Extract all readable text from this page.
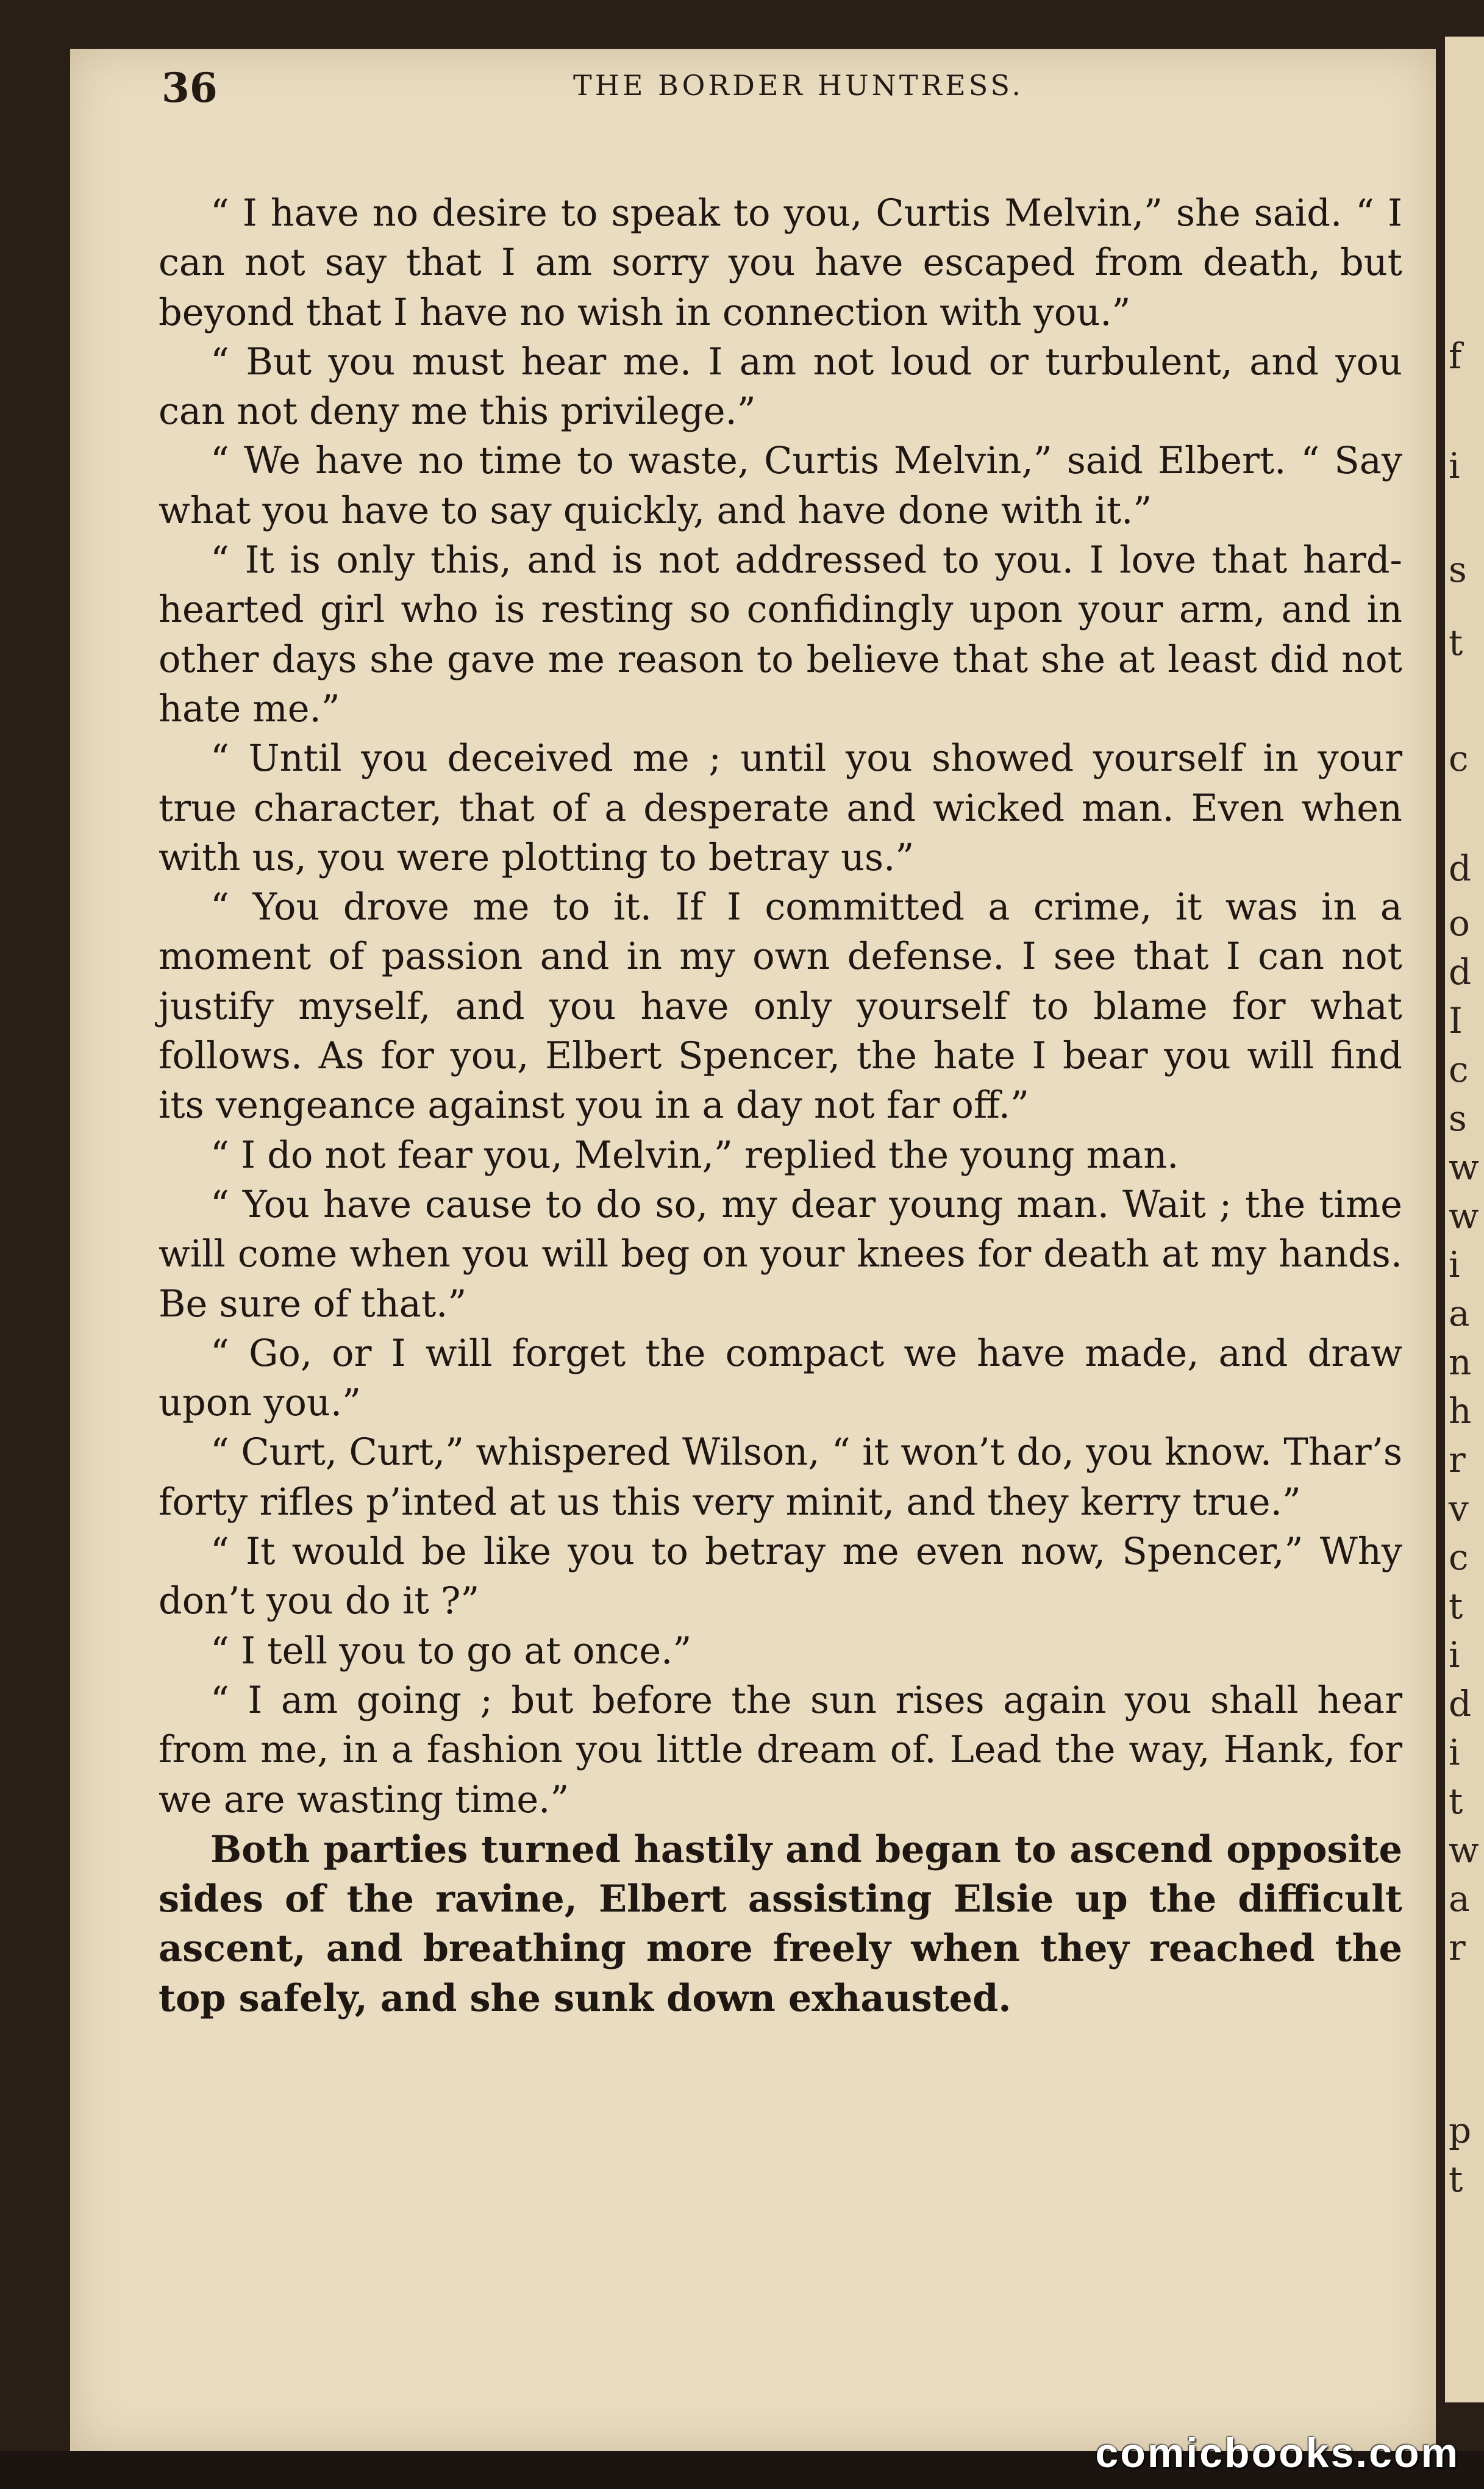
f
i
s
t
c
d
o
d
I
c
s
w
w
i
a
n
h
r
v
c
t
i
d
i
t
w
a
r
p
t
36	THE BORDER HUNTRESS.

“ I have no desire to speak to you, Curtis Melvin,” she said. “ I can not say that I am sorry you have escaped from death, but beyond that I have no wish in connection with you.”

“ But you must hear me. I am not loud or turbulent, and you can not deny me this privilege.”

“ We have no time to waste, Curtis Melvin,” said Elbert. “ Say what you have to say quickly, and have done with it.”

“ It is only this, and is not addressed to you. I love that hard-hearted girl who is resting so confidingly upon your arm, and in other days she gave me reason to believe that she at least did not hate me.”

“ Until you deceived me ; until you showed yourself in your true character, that of a desperate and wicked man. Even when with us, you were plotting to betray us.”

“ You drove me to it. If I committed a crime, it was in a moment of passion and in my own defense. I see that I can not justify myself, and you have only yourself to blame for what follows. As for you, Elbert Spencer, the hate I bear you will find its vengeance against you in a day not far off.”

“ I do not fear you, Melvin,” replied the young man.

“ You have cause to do so, my dear young man. Wait ; the time will come when you will beg on your knees for death at my hands. Be sure of that.”

“ Go, or I will forget the compact we have made, and draw upon you.”

“ Curt, Curt,” whispered Wilson, “ it won’t do, you know. Thar’s forty rifles p’inted at us this very minit, and they kerry true.”

“ It would be like you to betray me even now, Spencer,” Why don’t you do it ?”

“ I tell you to go at once.”

“ I am going ; but before the sun rises again you shall hear from me, in a fashion you little dream of. Lead the way, Hank, for we are wasting time.”

Both parties turned hastily and began to ascend opposite sides of the ravine, Elbert assisting Elsie up the difficult ascent, and breathing more freely when they reached the top safely, and she sunk down exhausted.

comicbooks.com
